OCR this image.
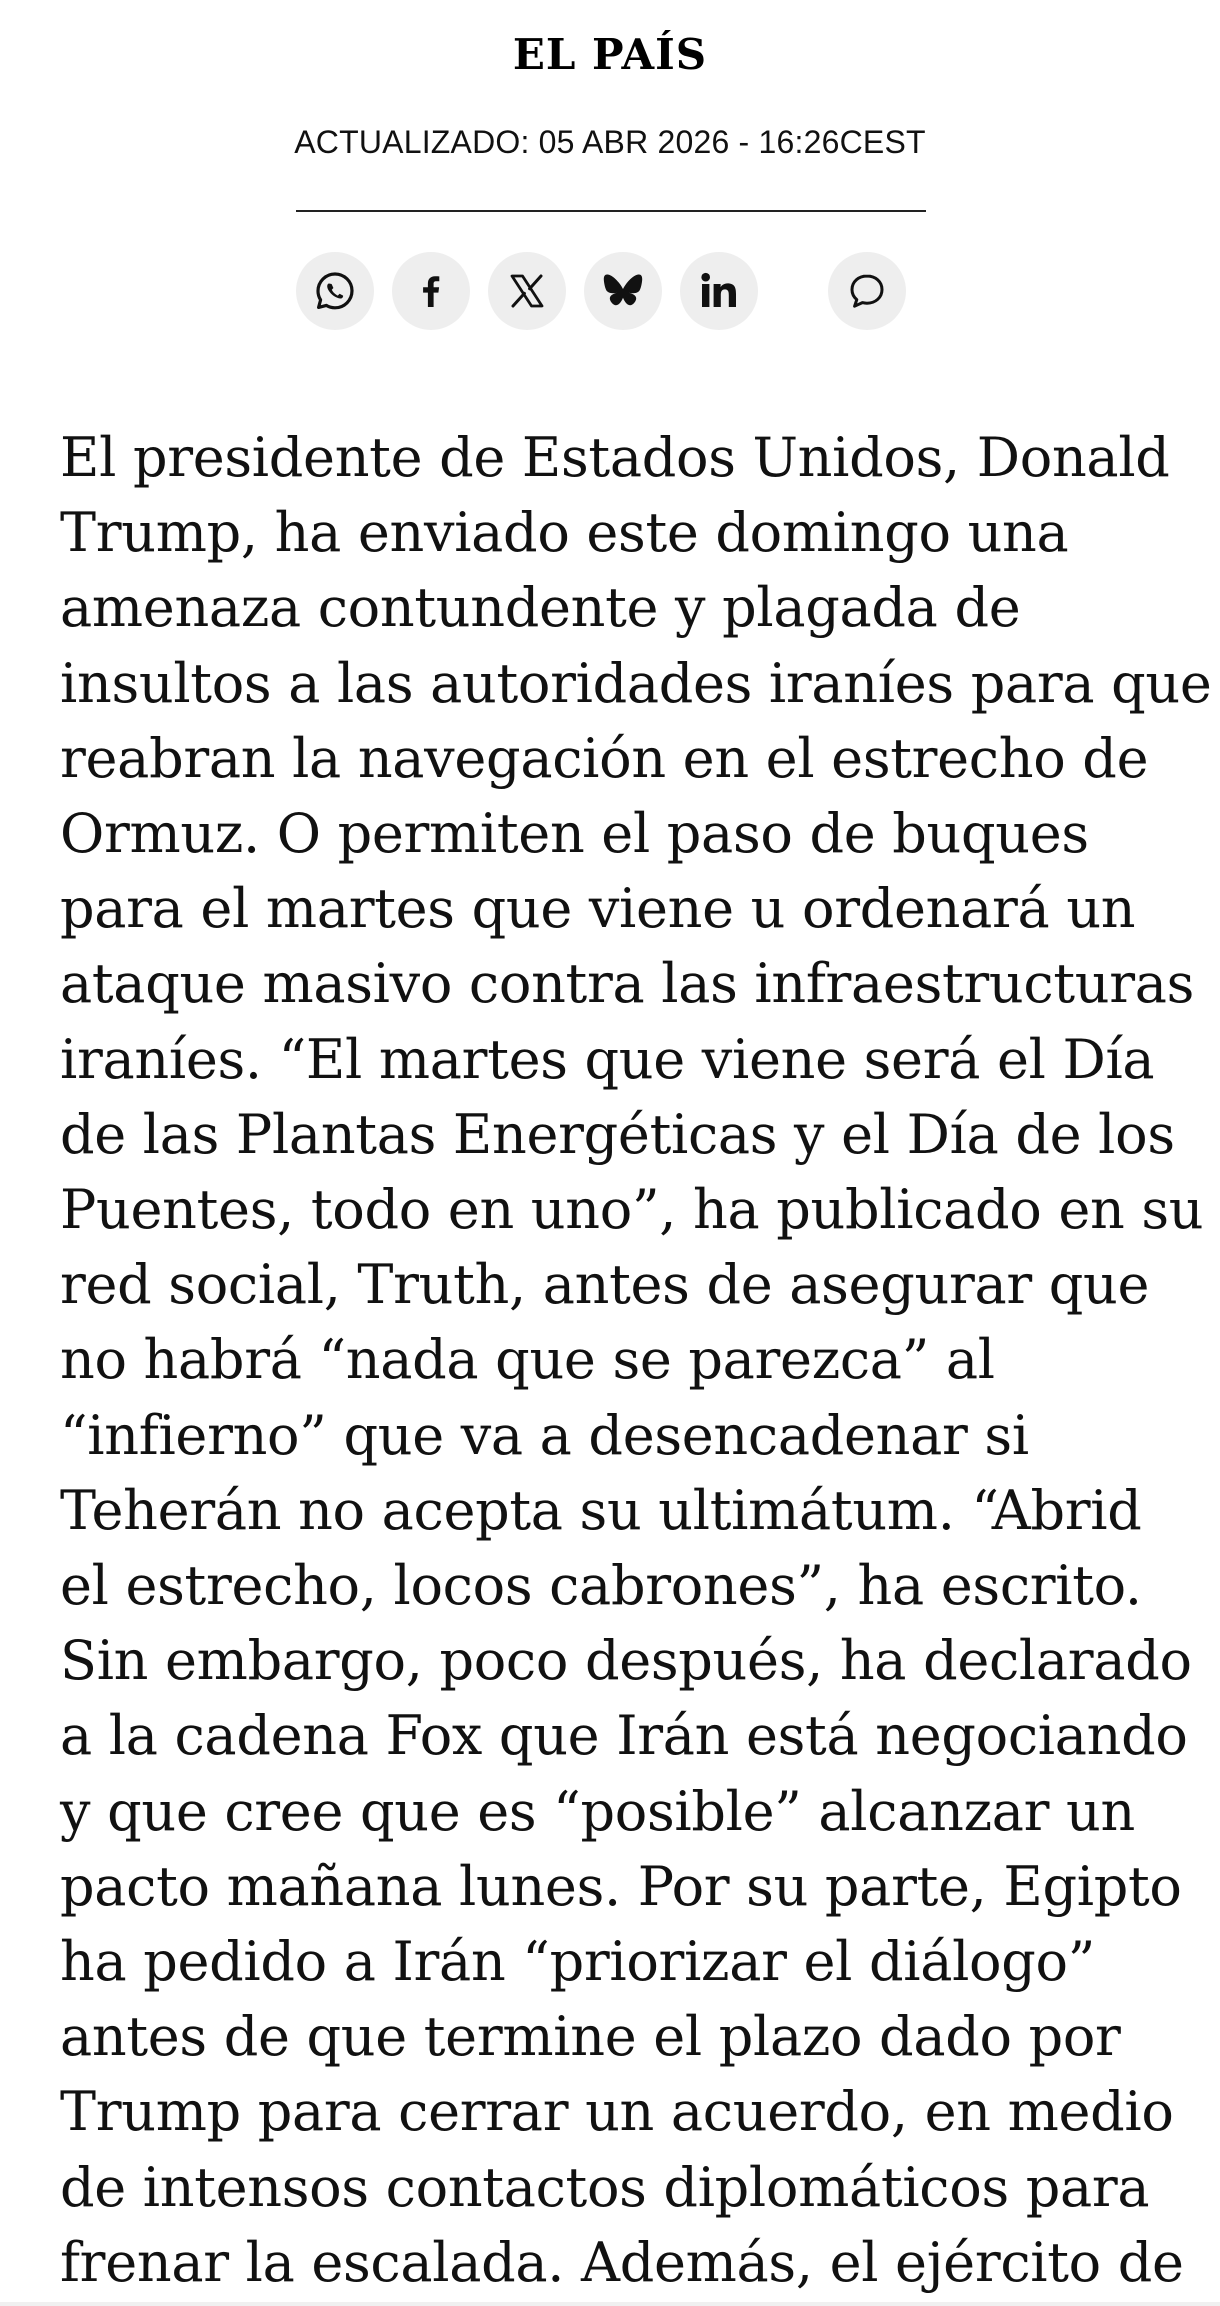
EL PAÍS
ACTUALIZADO: 05 ABR 2026 - 16:26CEST

El presidente de Estados Unidos, Donald
Trump, ha enviado este domingo una
amenaza contundente y plagada de
insultos a las autoridades iraníes para que
reabran la navegación en el estrecho de
Ormuz. O permiten el paso de buques
para el martes que viene u ordenará un
ataque masivo contra las infraestructuras
iraníes. “El martes que viene será el Día
de las Plantas Energéticas y el Día de los
Puentes, todo en uno”, ha publicado en su
red social, Truth, antes de asegurar que
no habrá “nada que se parezca” al
“infierno” que va a desencadenar si
Teherán no acepta su ultimátum. “Abrid
el estrecho, locos cabrones”, ha escrito.
Sin embargo, poco después, ha declarado
a la cadena Fox que Irán está negociando
y que cree que es “posible” alcanzar un
pacto mañana lunes. Por su parte, Egipto
ha pedido a Irán “priorizar el diálogo”
antes de que termine el plazo dado por
Trump para cerrar un acuerdo, en medio
de intensos contactos diplomáticos para
frenar la escalada. Además, el ejército de
